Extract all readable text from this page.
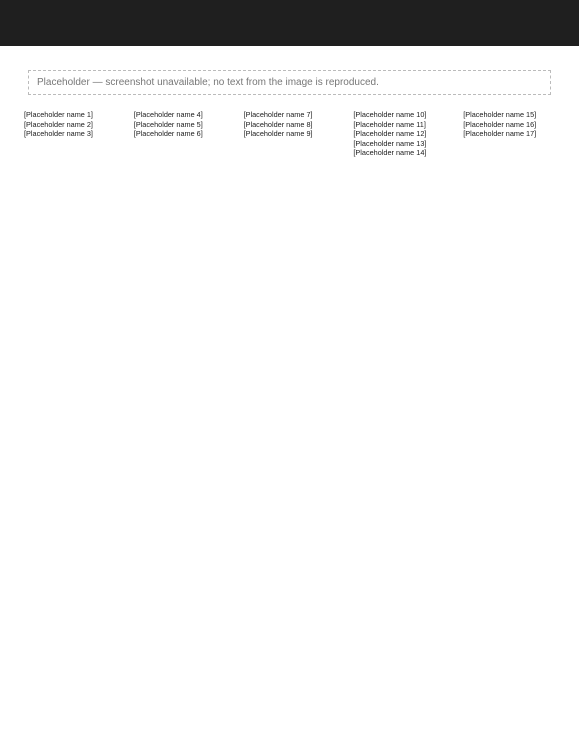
Placeholder — screenshot unavailable; no text from the image is reproduced.
[Placeholder name 1]
[Placeholder name 2]
[Placeholder name 3]
[Placeholder name 4]
[Placeholder name 5]
[Placeholder name 6]
[Placeholder name 7]
[Placeholder name 8]
[Placeholder name 9]
[Placeholder name 10]
[Placeholder name 11]
[Placeholder name 12]
[Placeholder name 13]
[Placeholder name 14]
[Placeholder name 15]
[Placeholder name 16]
[Placeholder name 17]
